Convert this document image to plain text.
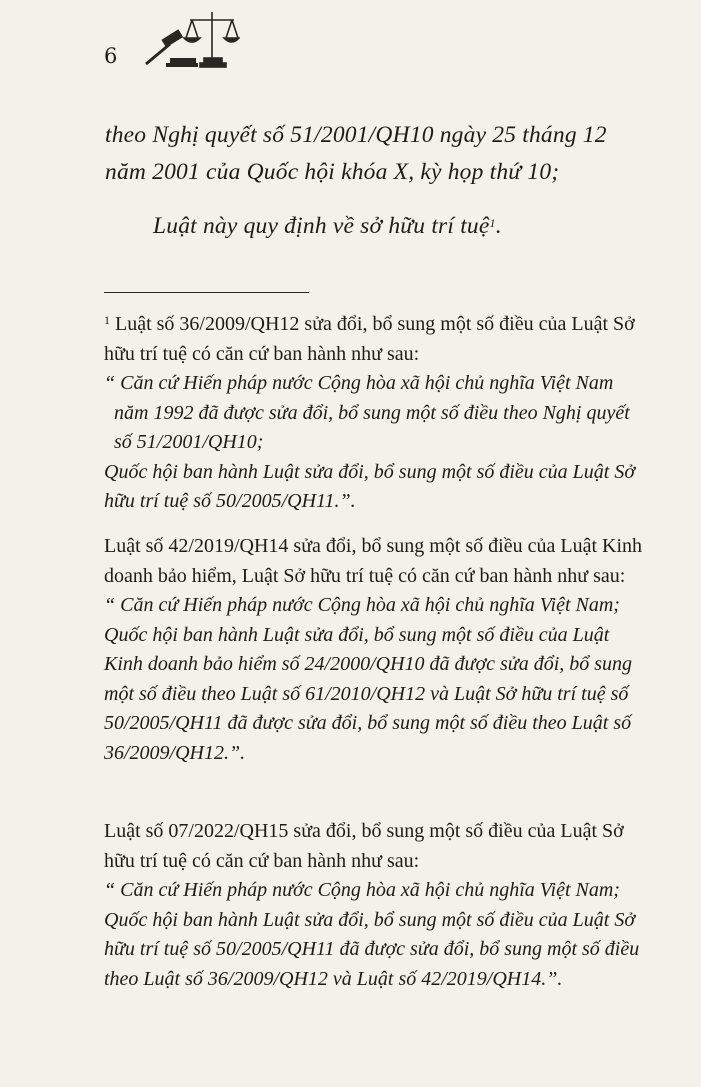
6

theo Nghị quyết số 51/2001/QH10 ngày 25 tháng 12

năm 2001 của Quốc hội khóa X, kỳ họp thứ 10;

Luật này quy định về sở hữu trí tuệ$^1$.

$^1$ Luật số 36/2009/QH12 sửa đổi, bổ sung một số điều của Luật Sở hữu trí tuệ có căn cứ ban hành như sau:

“ Căn cứ Hiến pháp nước Cộng hòa xã hội chủ nghĩa Việt Nam năm 1992 đã được sửa đổi, bổ sung một số điều theo Nghị quyết số 51/2001/QH10;

Quốc hội ban hành Luật sửa đổi, bổ sung một số điều của Luật Sở hữu trí tuệ số 50/2005/QH11.”.

Luật số 42/2019/QH14 sửa đổi, bổ sung một số điều của Luật Kinh doanh bảo hiểm, Luật Sở hữu trí tuệ có căn cứ ban hành như sau:

“ Căn cứ Hiến pháp nước Cộng hòa xã hội chủ nghĩa Việt Nam;

Quốc hội ban hành Luật sửa đổi, bổ sung một số điều của Luật Kinh doanh bảo hiểm số 24/2000/QH10 đã được sửa đổi, bổ sung một số điều theo Luật số 61/2010/QH12 và Luật Sở hữu trí tuệ số 50/2005/QH11 đã được sửa đổi, bổ sung một số điều theo Luật số 36/2009/QH12.”.

Luật số 07/2022/QH15 sửa đổi, bổ sung một số điều của Luật Sở hữu trí tuệ có căn cứ ban hành như sau:

“ Căn cứ Hiến pháp nước Cộng hòa xã hội chủ nghĩa Việt Nam;

Quốc hội ban hành Luật sửa đổi, bổ sung một số điều của Luật Sở hữu trí tuệ số 50/2005/QH11 đã được sửa đổi, bổ sung một số điều theo Luật số 36/2009/QH12 và Luật số 42/2019/QH14.”.
